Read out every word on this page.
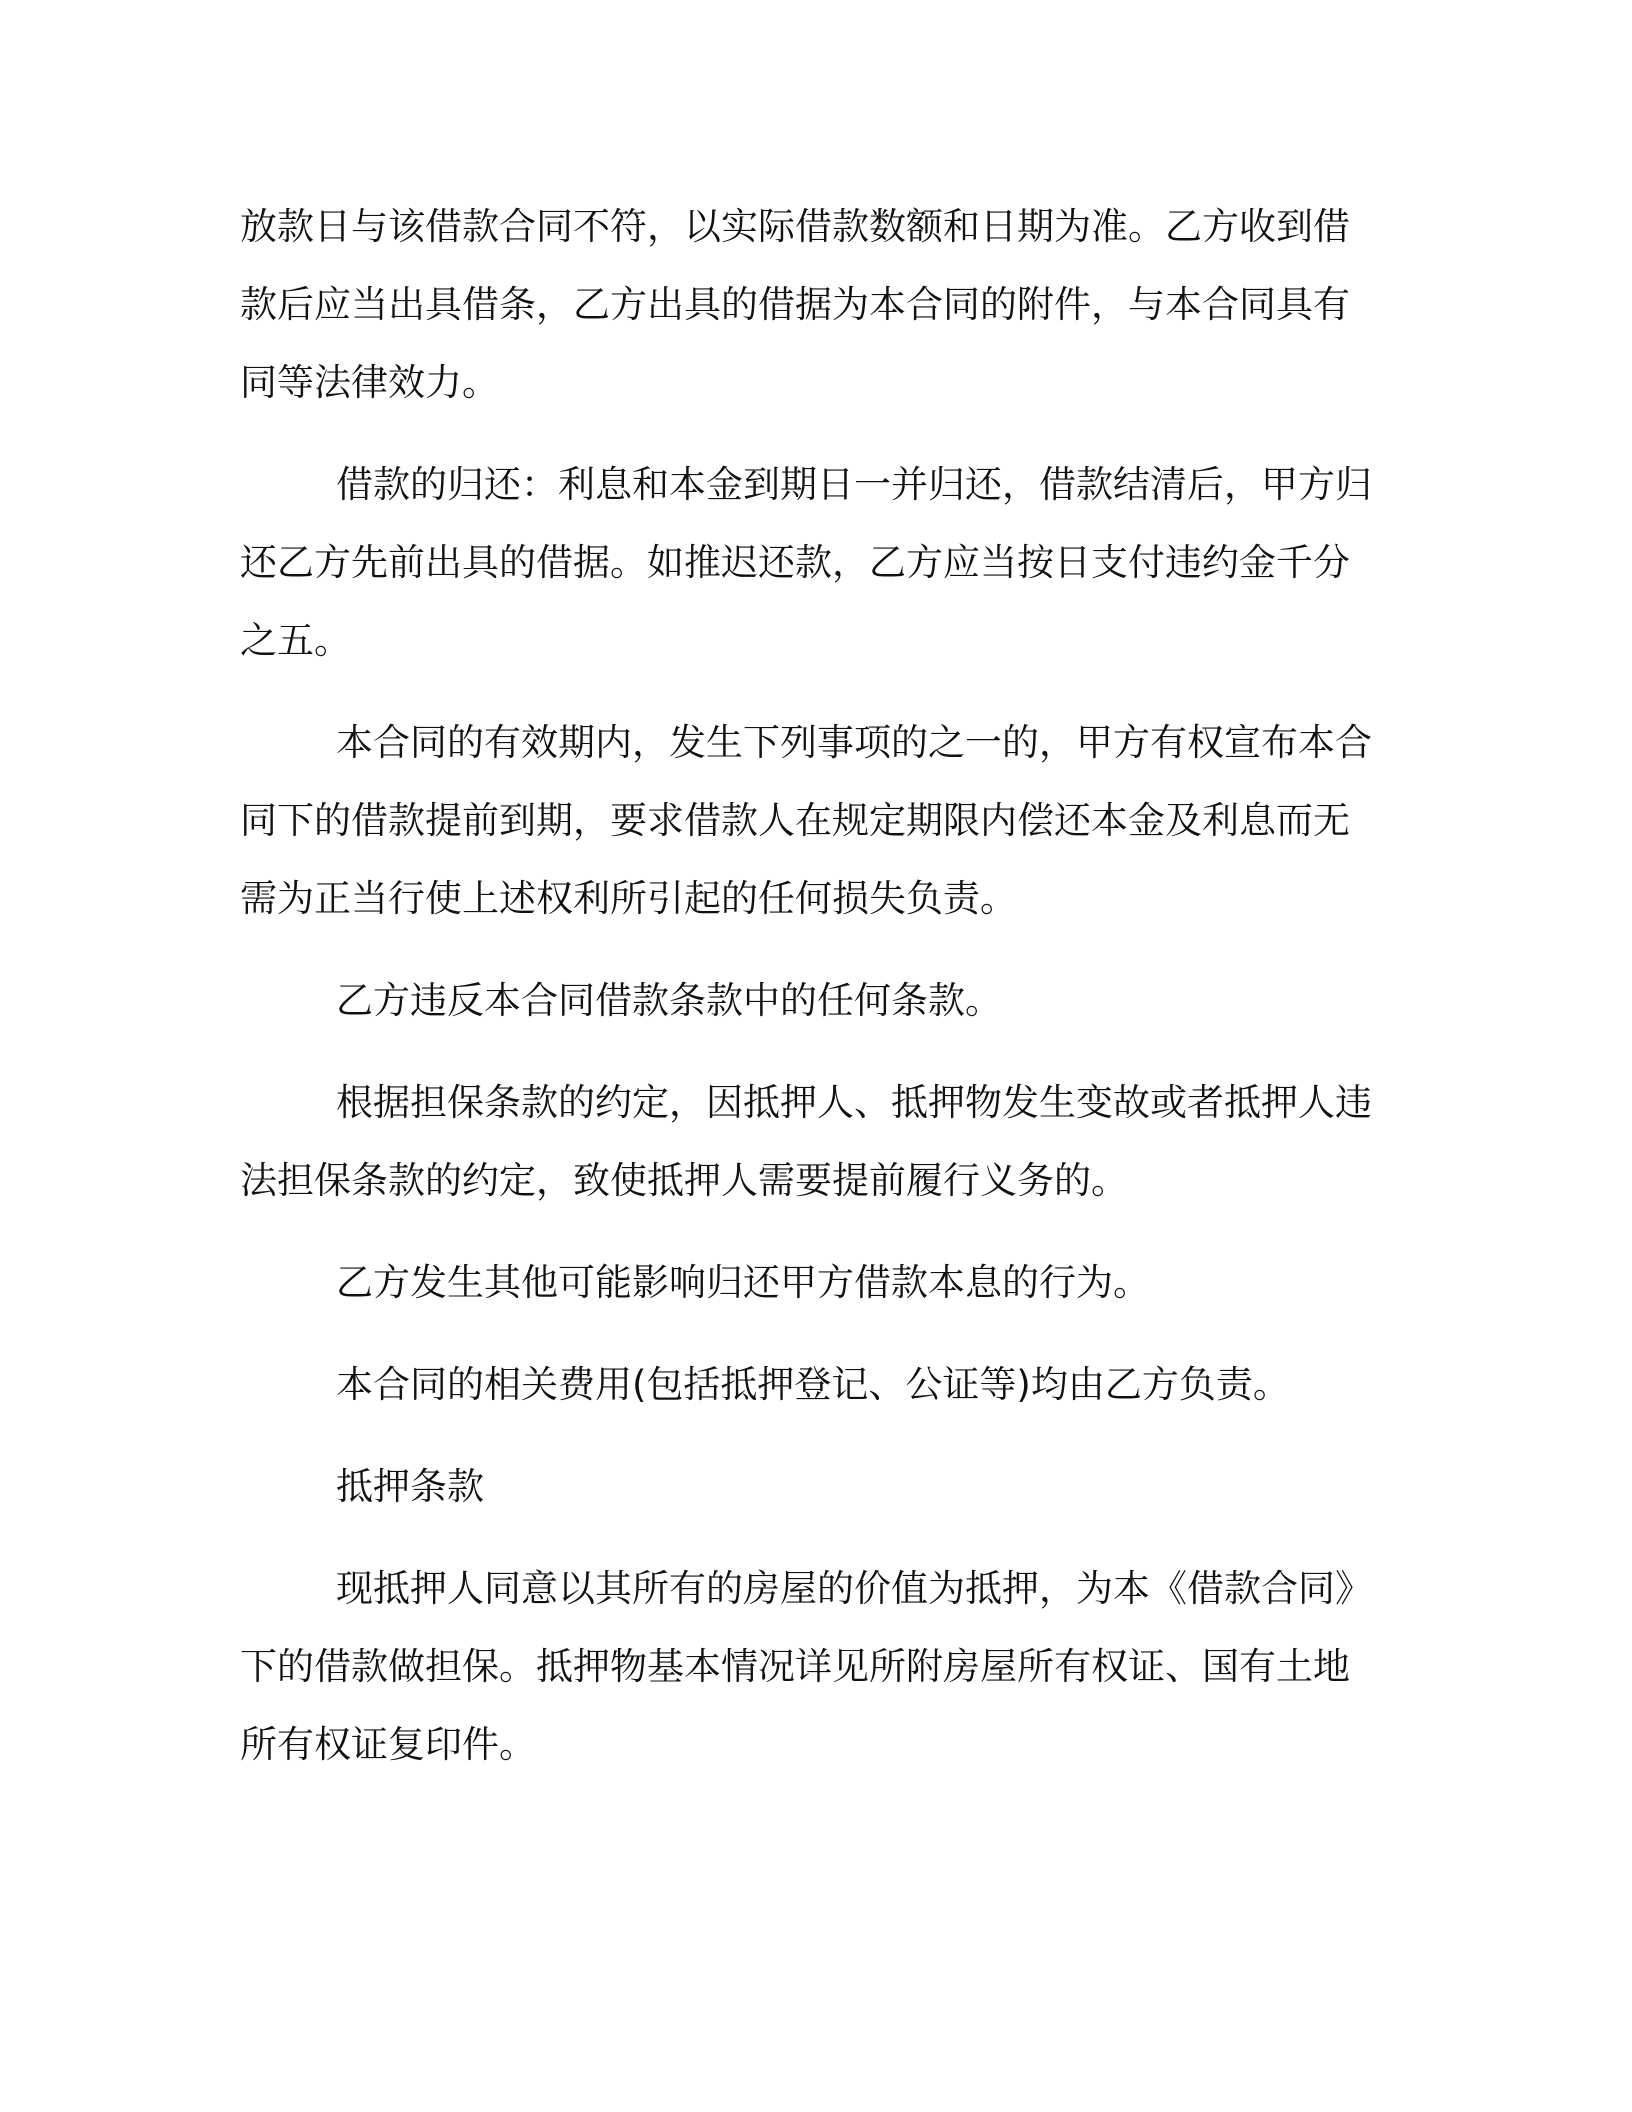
放款日与该借款合同不符，以实际借款数额和日期为准。乙方收到借
款后应当出具借条，乙方出具的借据为本合同的附件，与本合同具有
同等法律效力。

借款的归还：利息和本金到期日一并归还，借款结清后，甲方归
还乙方先前出具的借据。如推迟还款，乙方应当按日支付违约金千分
之五。

本合同的有效期内，发生下列事项的之一的，甲方有权宣布本合
同下的借款提前到期，要求借款人在规定期限内偿还本金及利息而无
需为正当行使上述权利所引起的任何损失负责。

乙方违反本合同借款条款中的任何条款。

根据担保条款的约定，因抵押人、抵押物发生变故或者抵押人违
法担保条款的约定，致使抵押人需要提前履行义务的。

乙方发生其他可能影响归还甲方借款本息的行为。

本合同的相关费用(包括抵押登记、公证等)均由乙方负责。

抵押条款

现抵押人同意以其所有的房屋的价值为抵押，为本《借款合同》
下的借款做担保。抵押物基本情况详见所附房屋所有权证、国有土地
所有权证复印件。
